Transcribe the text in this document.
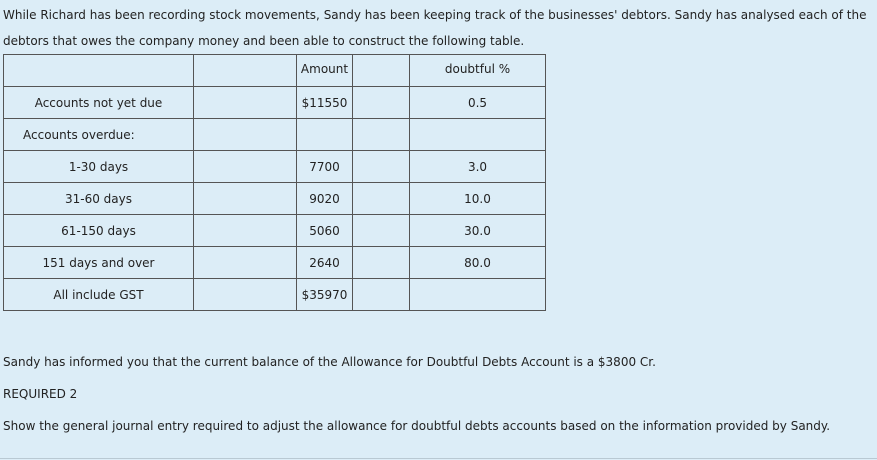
While Richard has been recording stock movements, Sandy has been keeping track of the businesses' debtors. Sandy has analysed each of the debtors that owes the company money and been able to construct the following table.

		Amount		doubtful %
Accounts not yet due		$11550		0.5
Accounts overdue:				
1-30 days		7700		3.0
31-60 days		9020		10.0
61-150 days		5060		30.0
151 days and over		2640		80.0
All include GST		$35970		

Sandy has informed you that the current balance of the Allowance for Doubtful Debts Account is a $3800 Cr.

REQUIRED 2

Show the general journal entry required to adjust the allowance for doubtful debts accounts based on the information provided by Sandy.
